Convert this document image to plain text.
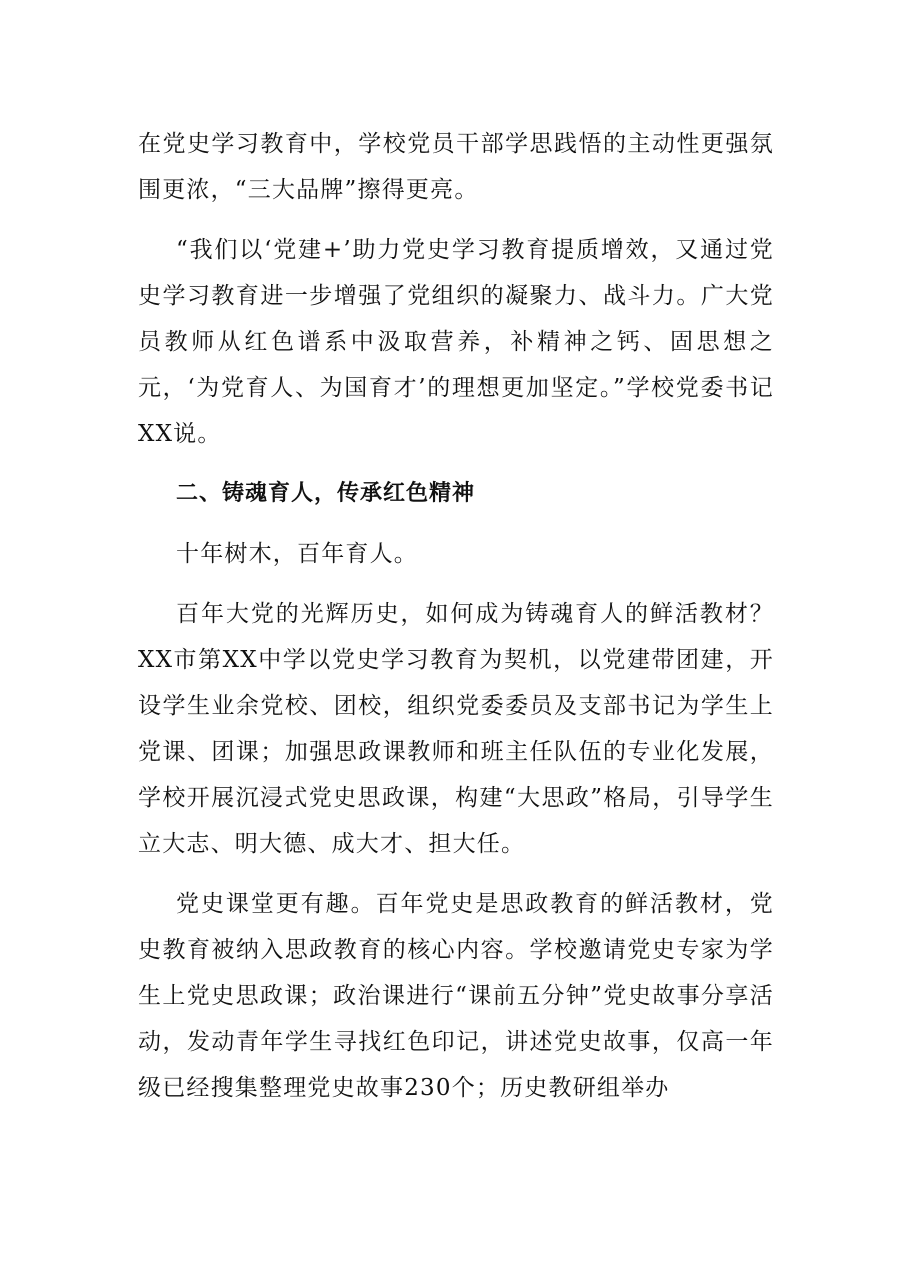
在党史学习教育中，学校党员干部学思践悟的主动性更强氛围更浓，“三大品牌”擦得更亮。

“我们以‘党建+’助力党史学习教育提质增效，又通过党史学习教育进一步增强了党组织的凝聚力、战斗力。广大党员教师从红色谱系中汲取营养，补精神之钙、固思想之元，‘为党育人、为国育才’的理想更加坚定。”学校党委书记XX说。

二、铸魂育人，传承红色精神

十年树木，百年育人。

百年大党的光辉历史，如何成为铸魂育人的鲜活教材？XX市第XX中学以党史学习教育为契机，以党建带团建，开设学生业余党校、团校，组织党委委员及支部书记为学生上党课、团课；加强思政课教师和班主任队伍的专业化发展，学校开展沉浸式党史思政课，构建“大思政”格局，引导学生立大志、明大德、成大才、担大任。

党史课堂更有趣。百年党史是思政教育的鲜活教材，党史教育被纳入思政教育的核心内容。学校邀请党史专家为学生上党史思政课；政治课进行“课前五分钟”党史故事分享活动，发动青年学生寻找红色印记，讲述党史故事，仅高一年级已经搜集整理党史故事230个；历史教研组举办
